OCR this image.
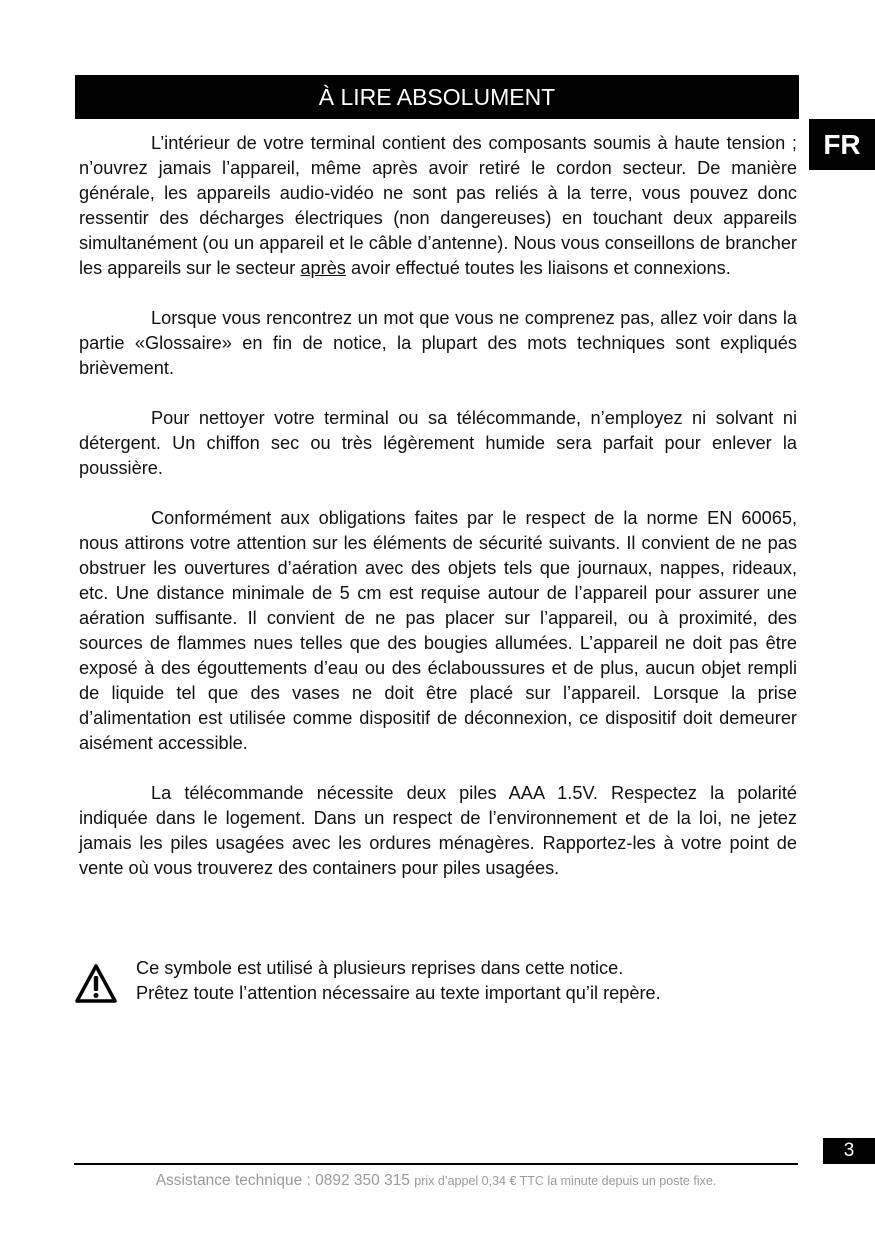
À LIRE ABSOLUMENT
FR

L’intérieur de votre terminal contient des composants soumis à haute tension ; n’ouvrez jamais l’appareil, même après avoir retiré le cordon secteur. De manière générale, les appareils audio-vidéo ne sont pas reliés à la terre, vous pouvez donc ressentir des décharges électriques (non dangereuses) en touchant deux appareils simultanément (ou un appareil et le câble d’antenne). Nous vous conseillons de brancher les appareils sur le secteur après avoir effectué toutes les liaisons et connexions.

Lorsque vous rencontrez un mot que vous ne comprenez pas, allez voir dans la partie «Glossaire» en fin de notice, la plupart des mots techniques sont expliqués brièvement.

Pour nettoyer votre terminal ou sa télécommande, n’employez ni solvant ni détergent. Un chiffon sec ou très légèrement humide sera parfait pour enlever la poussière.

Conformément aux obligations faites par le respect de la norme EN 60065, nous attirons votre attention sur les éléments de sécurité suivants. Il convient de ne pas obstruer les ouvertures d’aération avec des objets tels que journaux, nappes, rideaux, etc. Une distance minimale de 5 cm est requise autour de l’appareil pour assurer une aération suffisante. Il convient de ne pas placer sur l’appareil, ou à proximité, des sources de flammes nues telles que des bougies allumées. L’appareil ne doit pas être exposé à des égouttements d’eau ou des éclaboussures et de plus, aucun objet rempli de liquide tel que des vases ne doit être placé sur l’appareil. Lorsque la prise d’alimentation est utilisée comme dispositif de déconnexion, ce dispositif doit demeurer aisément accessible.

La télécommande nécessite deux piles AAA 1.5V. Respectez la polarité indiquée dans le logement. Dans un respect de l’environnement et de la loi, ne jetez jamais les piles usagées avec les ordures ménagères. Rapportez-les à votre point de vente où vous trouverez des containers pour piles usagées.

Ce symbole est utilisé à plusieurs reprises dans cette notice.
Prêtez toute l’attention nécessaire au texte important qu’il repère.
3
Assistance technique : 0892 350 315 prix d’appel 0,34 € TTC la minute depuis un poste fixe.
